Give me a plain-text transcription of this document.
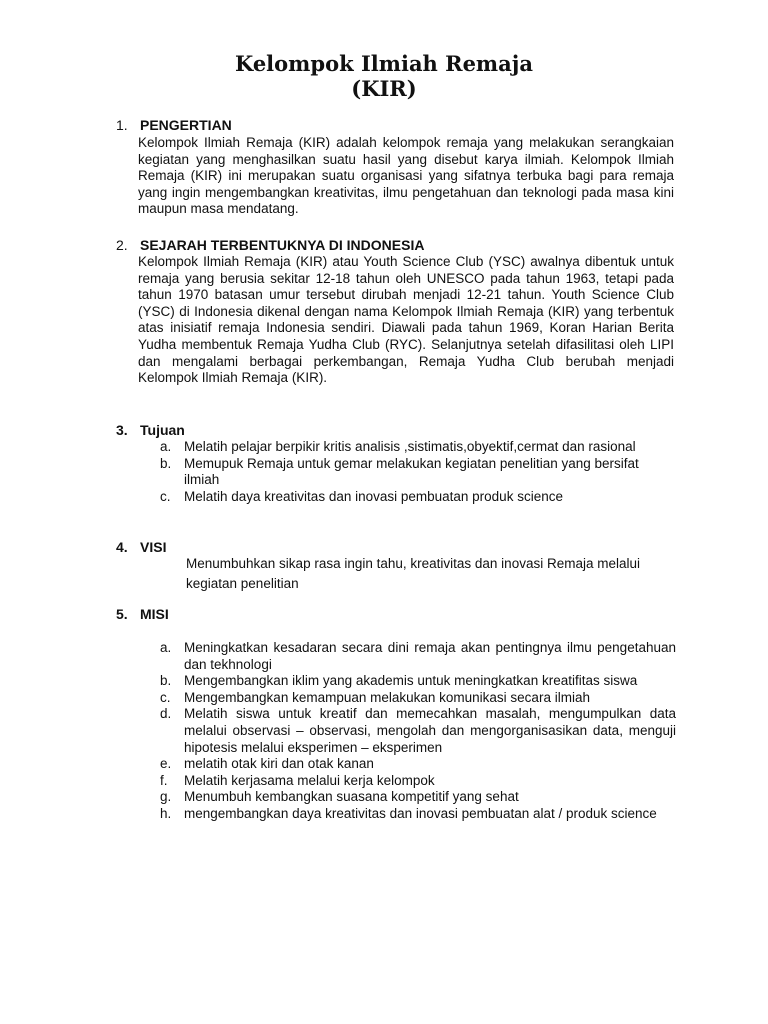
Kelompok Ilmiah Remaja
(KIR)
1. PENGERTIAN

Kelompok Ilmiah Remaja (KIR) adalah kelompok remaja yang melakukan serangkaian kegiatan yang menghasilkan suatu hasil yang disebut karya ilmiah. Kelompok Ilmiah Remaja (KIR) ini merupakan suatu organisasi yang sifatnya terbuka bagi para remaja yang ingin mengembangkan kreativitas, ilmu pengetahuan dan teknologi pada masa kini maupun masa mendatang.

2. SEJARAH TERBENTUKNYA DI INDONESIA

Kelompok Ilmiah Remaja (KIR) atau Youth Science Club (YSC) awalnya dibentuk untuk remaja yang berusia sekitar 12-18 tahun oleh UNESCO pada tahun 1963, tetapi pada tahun 1970 batasan umur tersebut dirubah menjadi 12-21 tahun. Youth Science Club (YSC) di Indonesia dikenal dengan nama Kelompok Ilmiah Remaja (KIR) yang terbentuk atas inisiatif remaja Indonesia sendiri. Diawali pada tahun 1969, Koran Harian Berita Yudha membentuk Remaja Yudha Club (RYC). Selanjutnya setelah difasilitasi oleh LIPI dan mengalami berbagai perkembangan, Remaja Yudha Club berubah menjadi Kelompok Ilmiah Remaja (KIR).

3. Tujuan
a. Melatih pelajar berpikir kritis analisis ,sistimatis,obyektif,cermat dan rasional
b. Memupuk Remaja untuk gemar melakukan kegiatan penelitian yang bersifat ilmiah
c. Melatih daya kreativitas dan inovasi pembuatan produk science
4. VISI

Menumbuhkan sikap rasa ingin tahu, kreativitas dan inovasi Remaja melalui kegiatan penelitian

5. MISI
a. Meningkatkan kesadaran secara dini remaja akan pentingnya ilmu pengetahuan dan tekhnologi
b. Mengembangkan iklim yang akademis untuk meningkatkan kreatifitas siswa
c. Mengembangkan kemampuan melakukan komunikasi secara ilmiah
d. Melatih siswa untuk kreatif dan memecahkan masalah, mengumpulkan data melalui observasi – observasi, mengolah dan mengorganisasikan data, menguji hipotesis melalui eksperimen – eksperimen
e. melatih otak kiri dan otak kanan
f.	Melatih kerjasama melalui kerja kelompok
g. Menumbuh kembangkan suasana kompetitif yang sehat
h. mengembangkan daya kreativitas dan inovasi pembuatan alat / produk science
